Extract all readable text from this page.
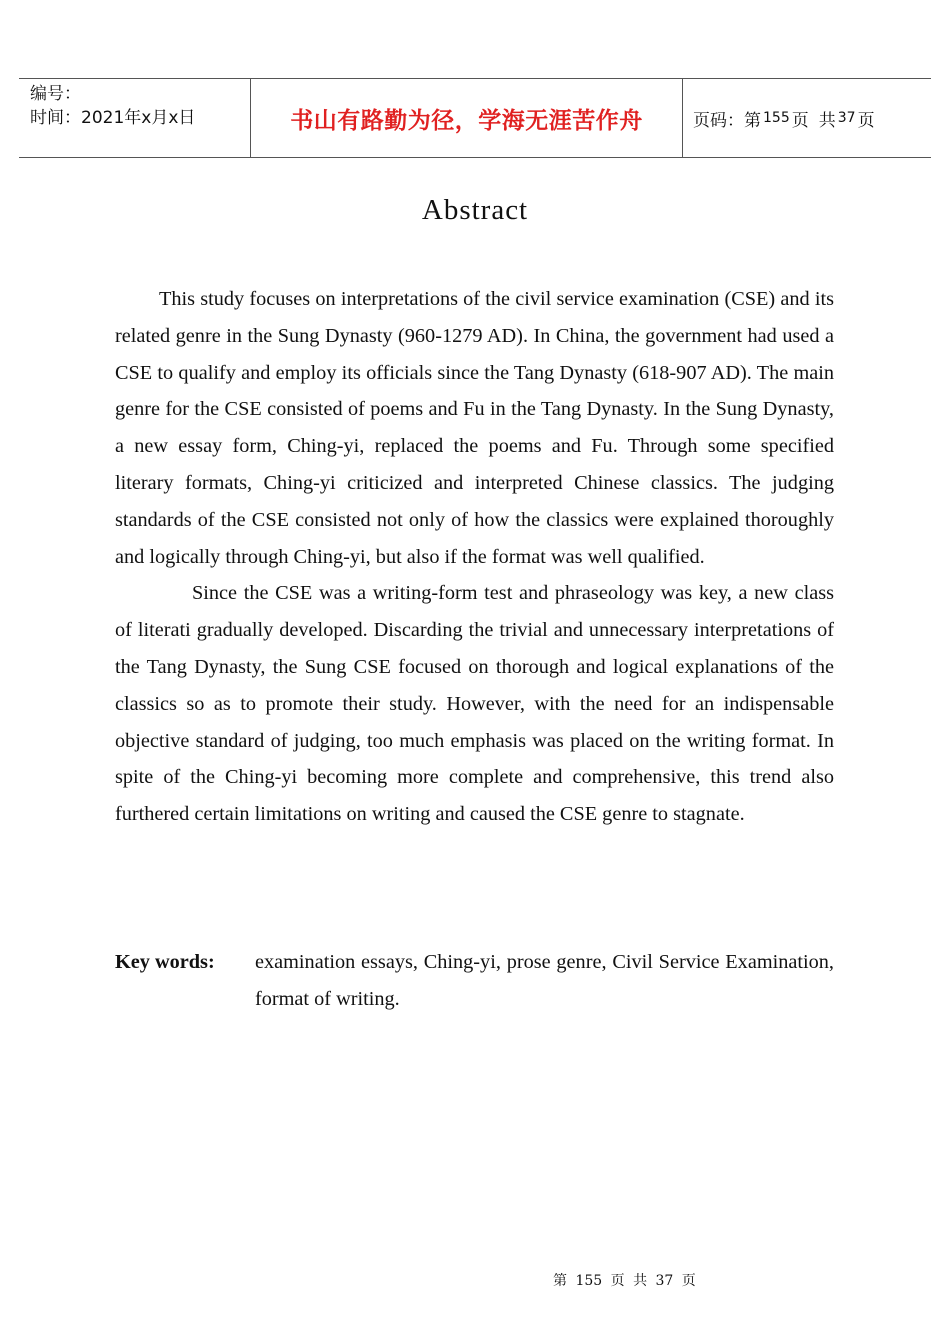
编号：
时间：2021年x月x日	书山有路勤为径，学海无涯苦作舟	页码：第 155 页 共 37 页
Abstract

This study focuses on interpretations of the civil service examination (CSE) and its related genre in the Sung Dynasty (960-1279 AD). In China, the government had used a CSE to qualify and employ its officials since the Tang Dynasty (618-907 AD). The main genre for the CSE consisted of poems and Fu in the Tang Dynasty. In the Sung Dynasty, a new essay form, Ching-yi, replaced the poems and Fu. Through some specified literary formats, Ching-yi criticized and interpreted Chinese classics. The judging standards of the CSE consisted not only of how the classics were explained thoroughly and logically through Ching-yi, but also if the format was well qualified.

Since the CSE was a writing-form test and phraseology was key, a new class of literati gradually developed. Discarding the trivial and unnecessary interpretations of the Tang Dynasty, the Sung CSE focused on thorough and logical explanations of the classics so as to promote their study. However, with the need for an indispensable objective standard of judging, too much emphasis was placed on the writing format. In spite of the Ching-yi becoming more complete and comprehensive, this trend also furthered certain limitations on writing and caused the CSE genre to stagnate.

Key words:	examination essays, Ching-yi, prose genre, Civil Service Examination, format of writing.
第 155 页 共 37 页
